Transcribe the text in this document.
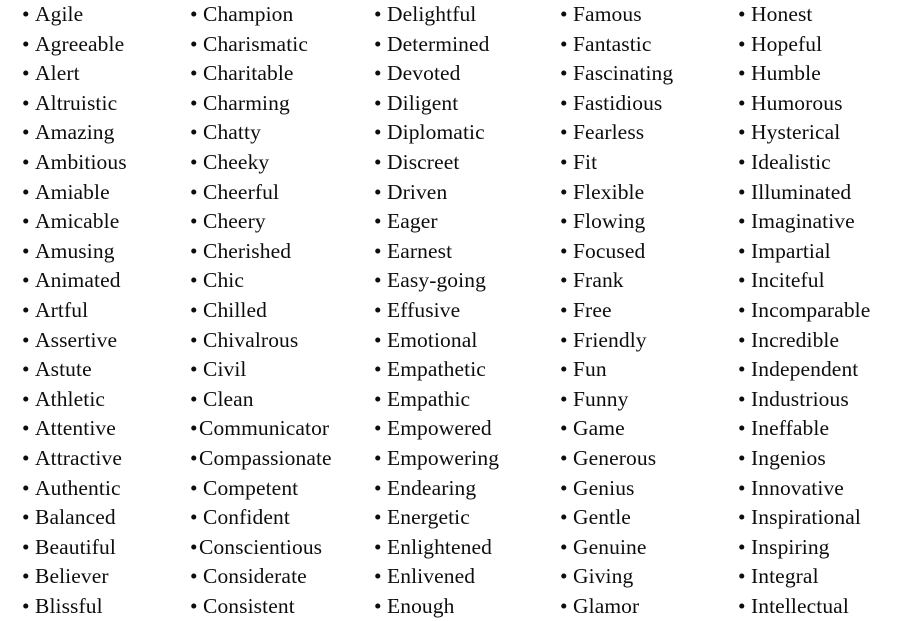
• Agile
• Agreeable
• Alert
• Altruistic
• Amazing
• Ambitious
• Amiable
• Amicable
• Amusing
• Animated
• Artful
• Assertive
• Astute
• Athletic
• Attentive
• Attractive
• Authentic
• Balanced
• Beautiful
• Believer
• Blissful
• Champion
• Charismatic
• Charitable
• Charming
• Chatty
• Cheeky
• Cheerful
• Cheery
• Cherished
• Chic
• Chilled
• Chivalrous
• Civil
• Clean
•Communicator
•Compassionate
• Competent
• Confident
•Conscientious
• Considerate
• Consistent
• Delightful
• Determined
• Devoted
• Diligent
• Diplomatic
• Discreet
• Driven
• Eager
• Earnest
• Easy-going
• Effusive
• Emotional
• Empathetic
• Empathic
• Empowered
• Empowering
• Endearing
• Energetic
• Enlightened
• Enlivened
• Enough
• Famous
• Fantastic
• Fascinating
• Fastidious
• Fearless
• Fit
• Flexible
• Flowing
• Focused
• Frank
• Free
• Friendly
• Fun
• Funny
• Game
• Generous
• Genius
• Gentle
• Genuine
• Giving
• Glamor
• Honest
• Hopeful
• Humble
• Humorous
• Hysterical
• Idealistic
• Illuminated
• Imaginative
• Impartial
• Inciteful
• Incomparable
• Incredible
• Independent
• Industrious
• Ineffable
• Ingenios
• Innovative
• Inspirational
• Inspiring
• Integral
• Intellectual
